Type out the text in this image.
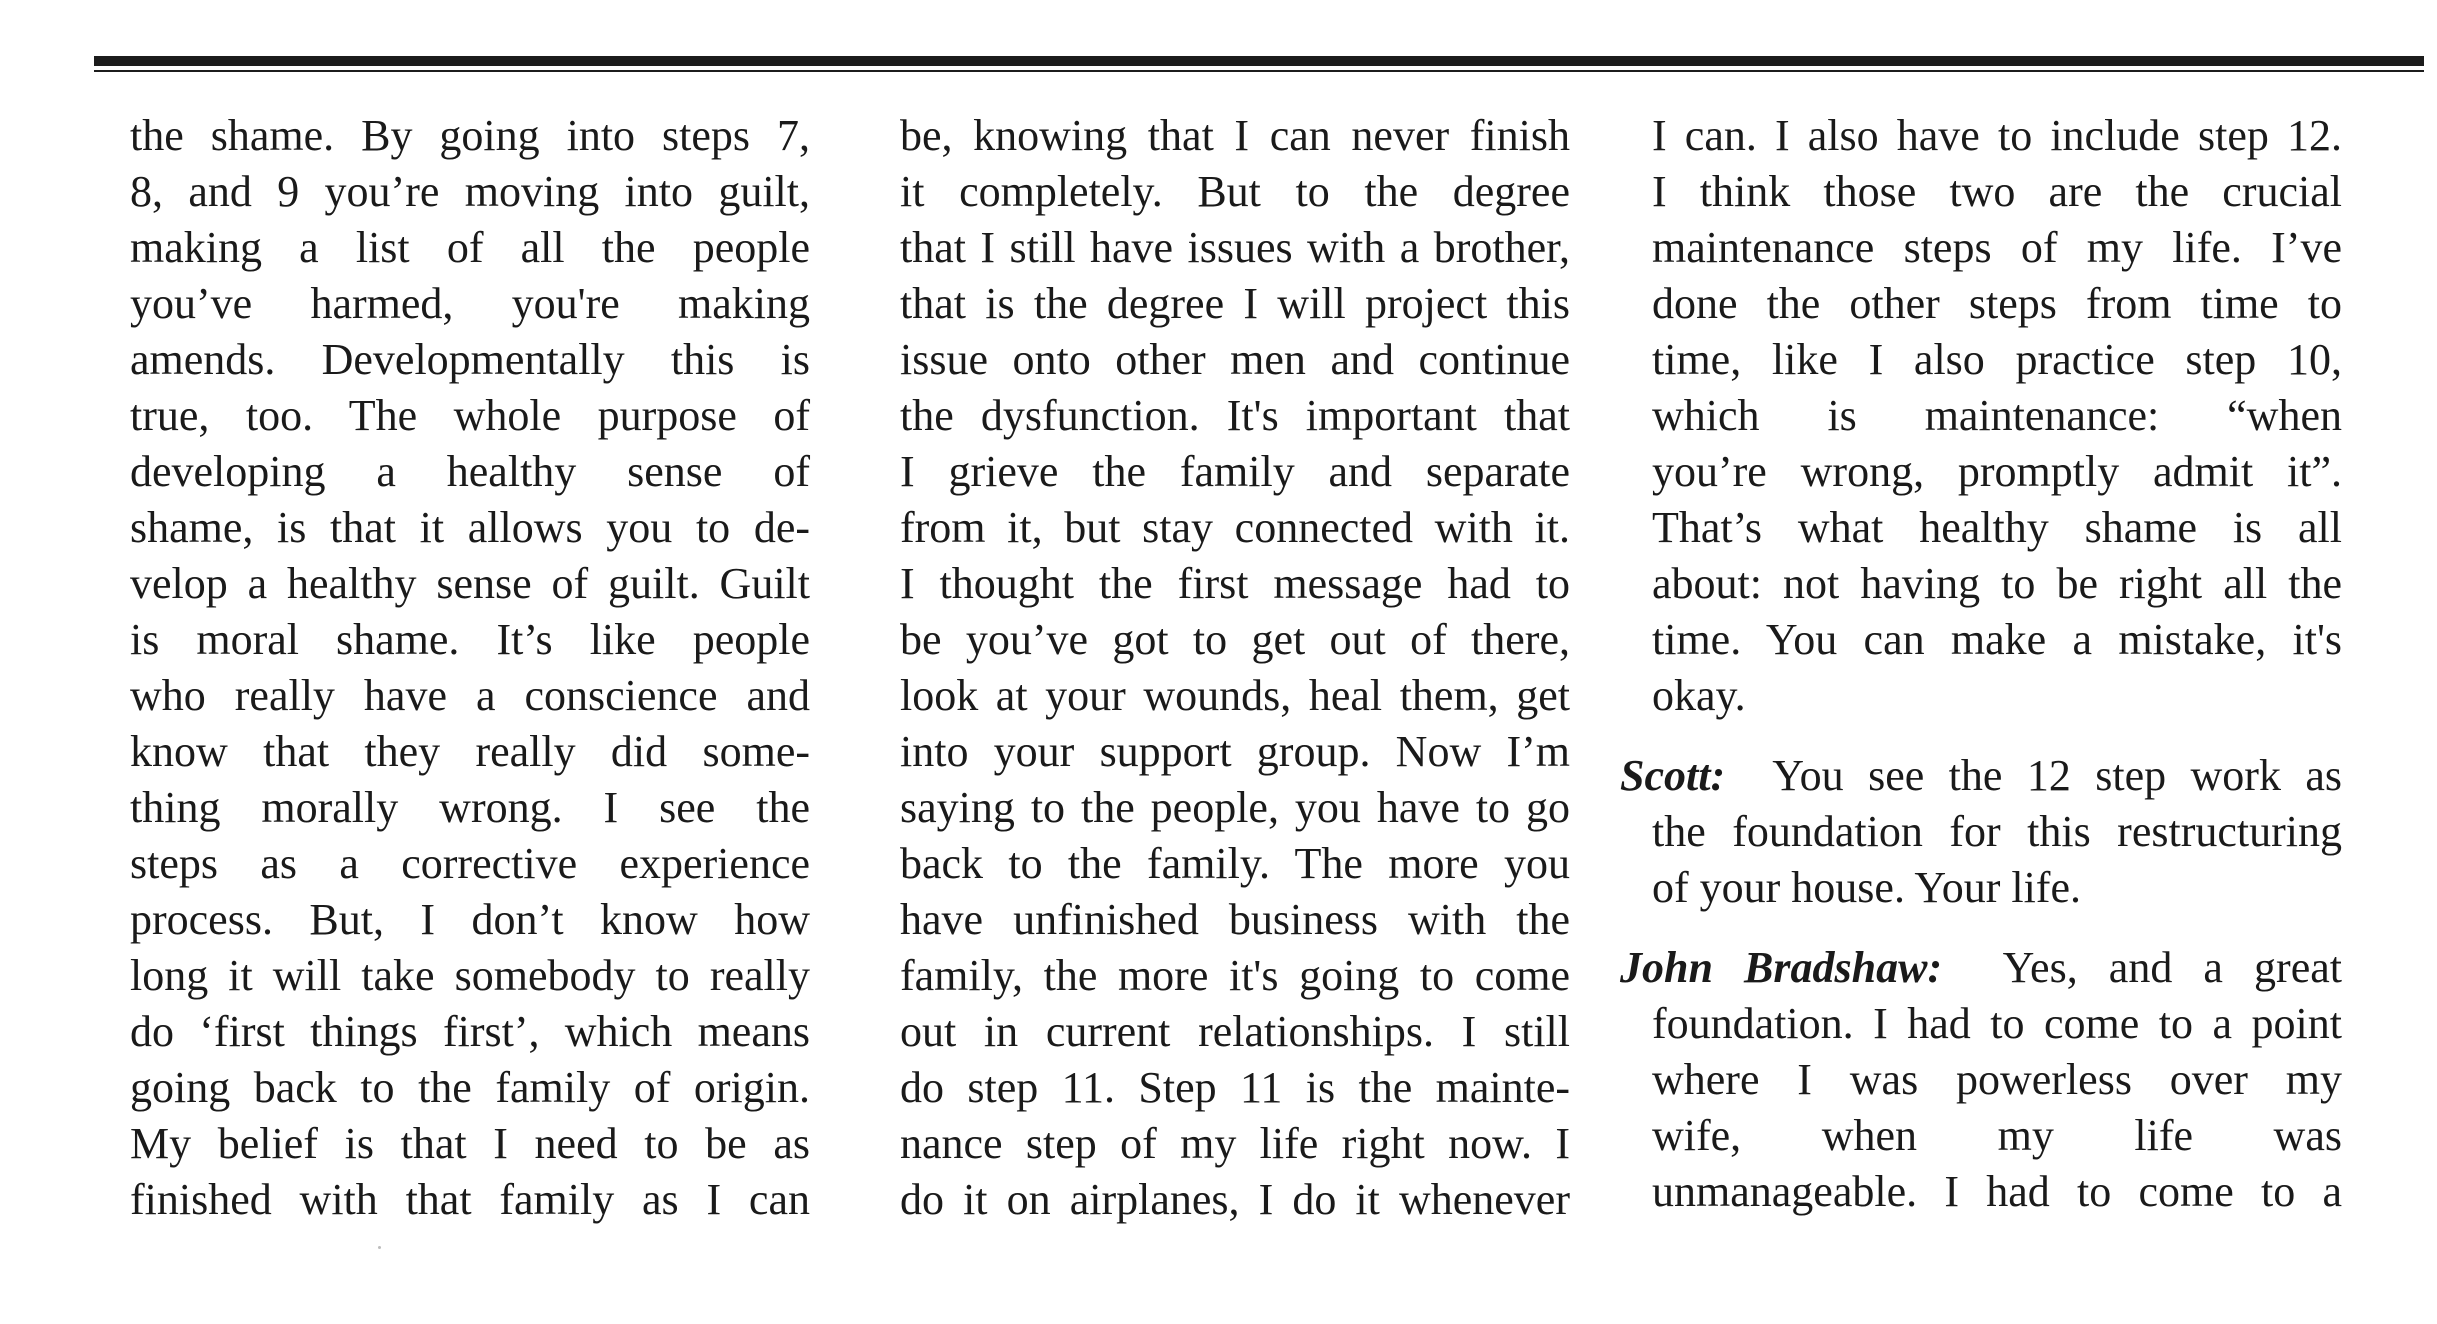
the shame. By going into steps 7,
8, and 9 you’re moving into guilt,
making a list of all the people
you’ve harmed, you're making
amends. Developmentally this is
true, too. The whole purpose of
developing a healthy sense of
shame, is that it allows you to de-
velop a healthy sense of guilt. Guilt
is moral shame. It’s like people
who really have a conscience and
know that they really did some-
thing morally wrong. I see the
steps as a corrective experience
process. But, I don’t know how
long it will take somebody to really
do ‘first things first’, which means
going back to the family of origin.
My belief is that I need to be as
finished with that family as I can
be, knowing that I can never finish
it completely. But to the degree
that I still have issues with a brother,
that is the degree I will project this
issue onto other men and continue
the dysfunction. It's important that
I grieve the family and separate
from it, but stay connected with it.
I thought the first message had to
be you’ve got to get out of there,
look at your wounds, heal them, get
into your support group. Now I’m
saying to the people, you have to go
back to the family. The more you
have unfinished business with the
family, the more it's going to come
out in current relationships. I still
do step 11. Step 11 is the mainte-
nance step of my life right now. I
do it on airplanes, I do it whenever
I can. I also have to include step 12.
I think those two are the crucial
maintenance steps of my life. I’ve
done the other steps from time to
time, like I also practice step 10,
which is maintenance: “when
you’re wrong, promptly admit it”.
That’s what healthy shame is all
about: not having to be right all the
time. You can make a mistake, it's
okay.
Scott: You see the 12 step work as
the foundation for this restructuring
of your house. Your life.
John Bradshaw: Yes, and a great
foundation. I had to come to a point
where I was powerless over my
wife, when my life was
unmanageable. I had to come to a
